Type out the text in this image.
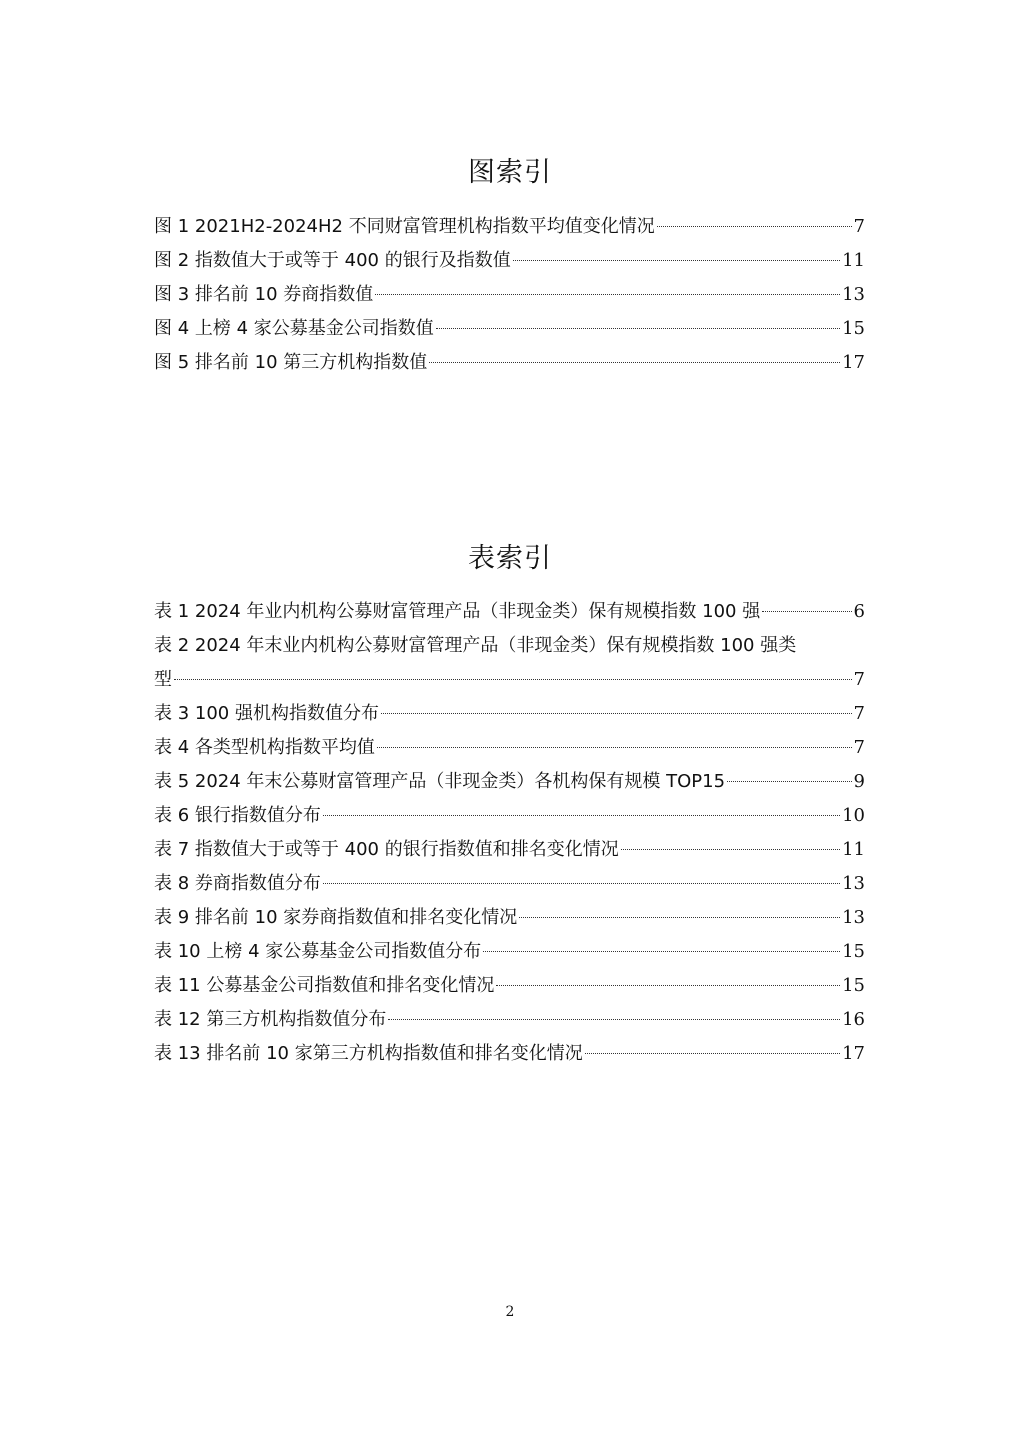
图索引
图 1 2021H2-2024H2 不同财富管理机构指数平均值变化情况	7
图 2 指数值大于或等于 400 的银行及指数值	11
图 3 排名前 10 券商指数值	13
图 4 上榜 4 家公募基金公司指数值	15
图 5 排名前 10 第三方机构指数值	17
表索引
表 1 2024 年业内机构公募财富管理产品（非现金类）保有规模指数 100 强	6
表 2 2024 年末业内机构公募财富管理产品（非现金类）保有规模指数 100 强类
型	7
表 3 100 强机构指数值分布	7
表 4 各类型机构指数平均值	7
表 5 2024 年末公募财富管理产品（非现金类）各机构保有规模 TOP15	9
表 6 银行指数值分布	10
表 7 指数值大于或等于 400 的银行指数值和排名变化情况	11
表 8 券商指数值分布	13
表 9 排名前 10 家券商指数值和排名变化情况	13
表 10 上榜 4 家公募基金公司指数值分布	15
表 11 公募基金公司指数值和排名变化情况	15
表 12 第三方机构指数值分布	16
表 13 排名前 10 家第三方机构指数值和排名变化情况	17
2
